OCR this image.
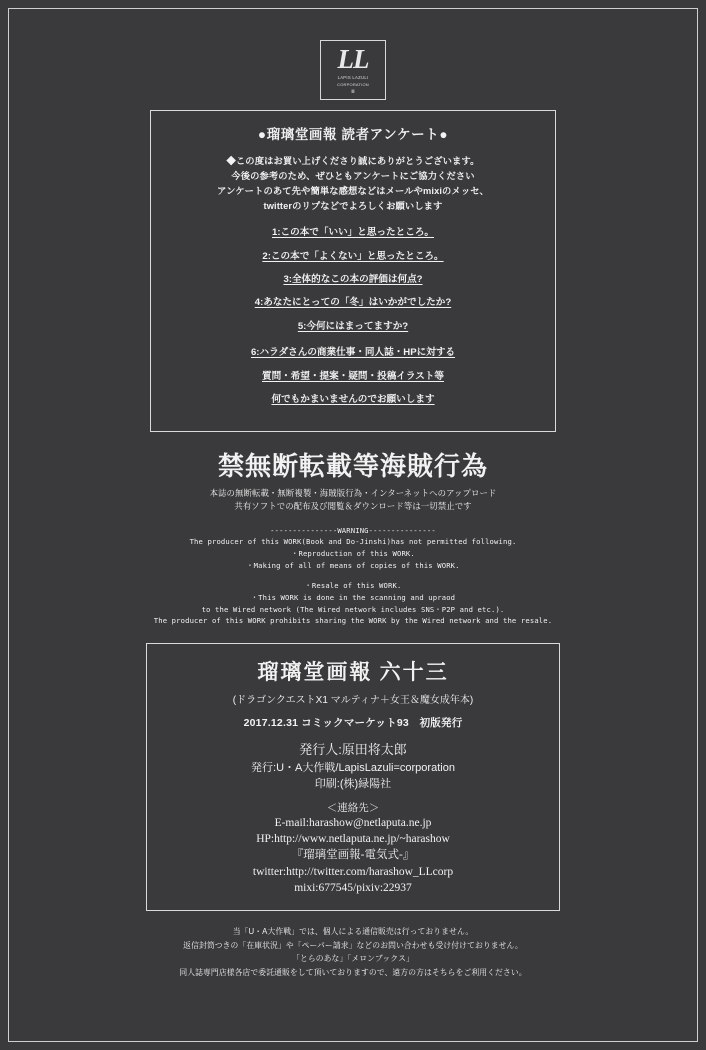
LL
LAPIS LAZULI
CORPORATION
Ⅲ
●瑠璃堂画報 読者アンケート●
◆この度はお買い上げくださり誠にありがとうございます。
今後の参考のため、ぜひともアンケートにご協力ください
アンケートのあて先や簡単な感想などはメールやmixiのメッセ、
twitterのリプなどでよろしくお願いします
1:この本で「いい」と思ったところ。
2:この本で「よくない」と思ったところ。
3:全体的なこの本の評価は何点?
4:あなたにとっての「冬」はいかがでしたか?
5:今何にはまってますか?
6:ハラダさんの商業仕事・同人誌・HPに対する
質問・希望・提案・疑問・投稿イラスト等
何でもかまいませんのでお願いします
禁無断転載等海賊行為
本誌の無断転載・無断複製・海賊版行為・インターネットへのアップロード
共有ソフトでの配布及び閲覧＆ダウンロード等は一切禁止です
---------------WARNING---------------
The producer of this WORK(Book and Do-Jinshi)has not permitted following.
・Reproduction of this WORK.
・Making of all of means of copies of this WORK.
・Resale of this WORK.
・This WORK is done in the scanning and upraod
to the Wired network (The Wired network includes SNS・P2P and etc.).
The producer of this WORK prohibits sharing the WORK by the Wired network and the resale.
瑠璃堂画報 六十三
(ドラゴンクエストX1 マルティナ＋女王＆魔女成年本)
2017.12.31 コミックマーケット93　初版発行
発行人:原田将太郎
発行:U・A大作戦/LapisLazuli=corporation
印刷:(株)緑陽社
＜連絡先＞
E-mail:harashow@netlaputa.ne.jp
HP:http://www.netlaputa.ne.jp/~harashow
『瑠璃堂画報-電気式-』
twitter:http://twitter.com/harashow_LLcorp
mixi:677545/pixiv:22937
当「U・A大作戦」では、個人による通信販売は行っておりません。
返信封筒つきの「在庫状況」や「ペーパー請求」などのお問い合わせも受け付けておりません。
「とらのあな」「メロンブックス」
同人誌専門店様各店で委託通販をして頂いておりますので、遠方の方はそちらをご利用ください。
